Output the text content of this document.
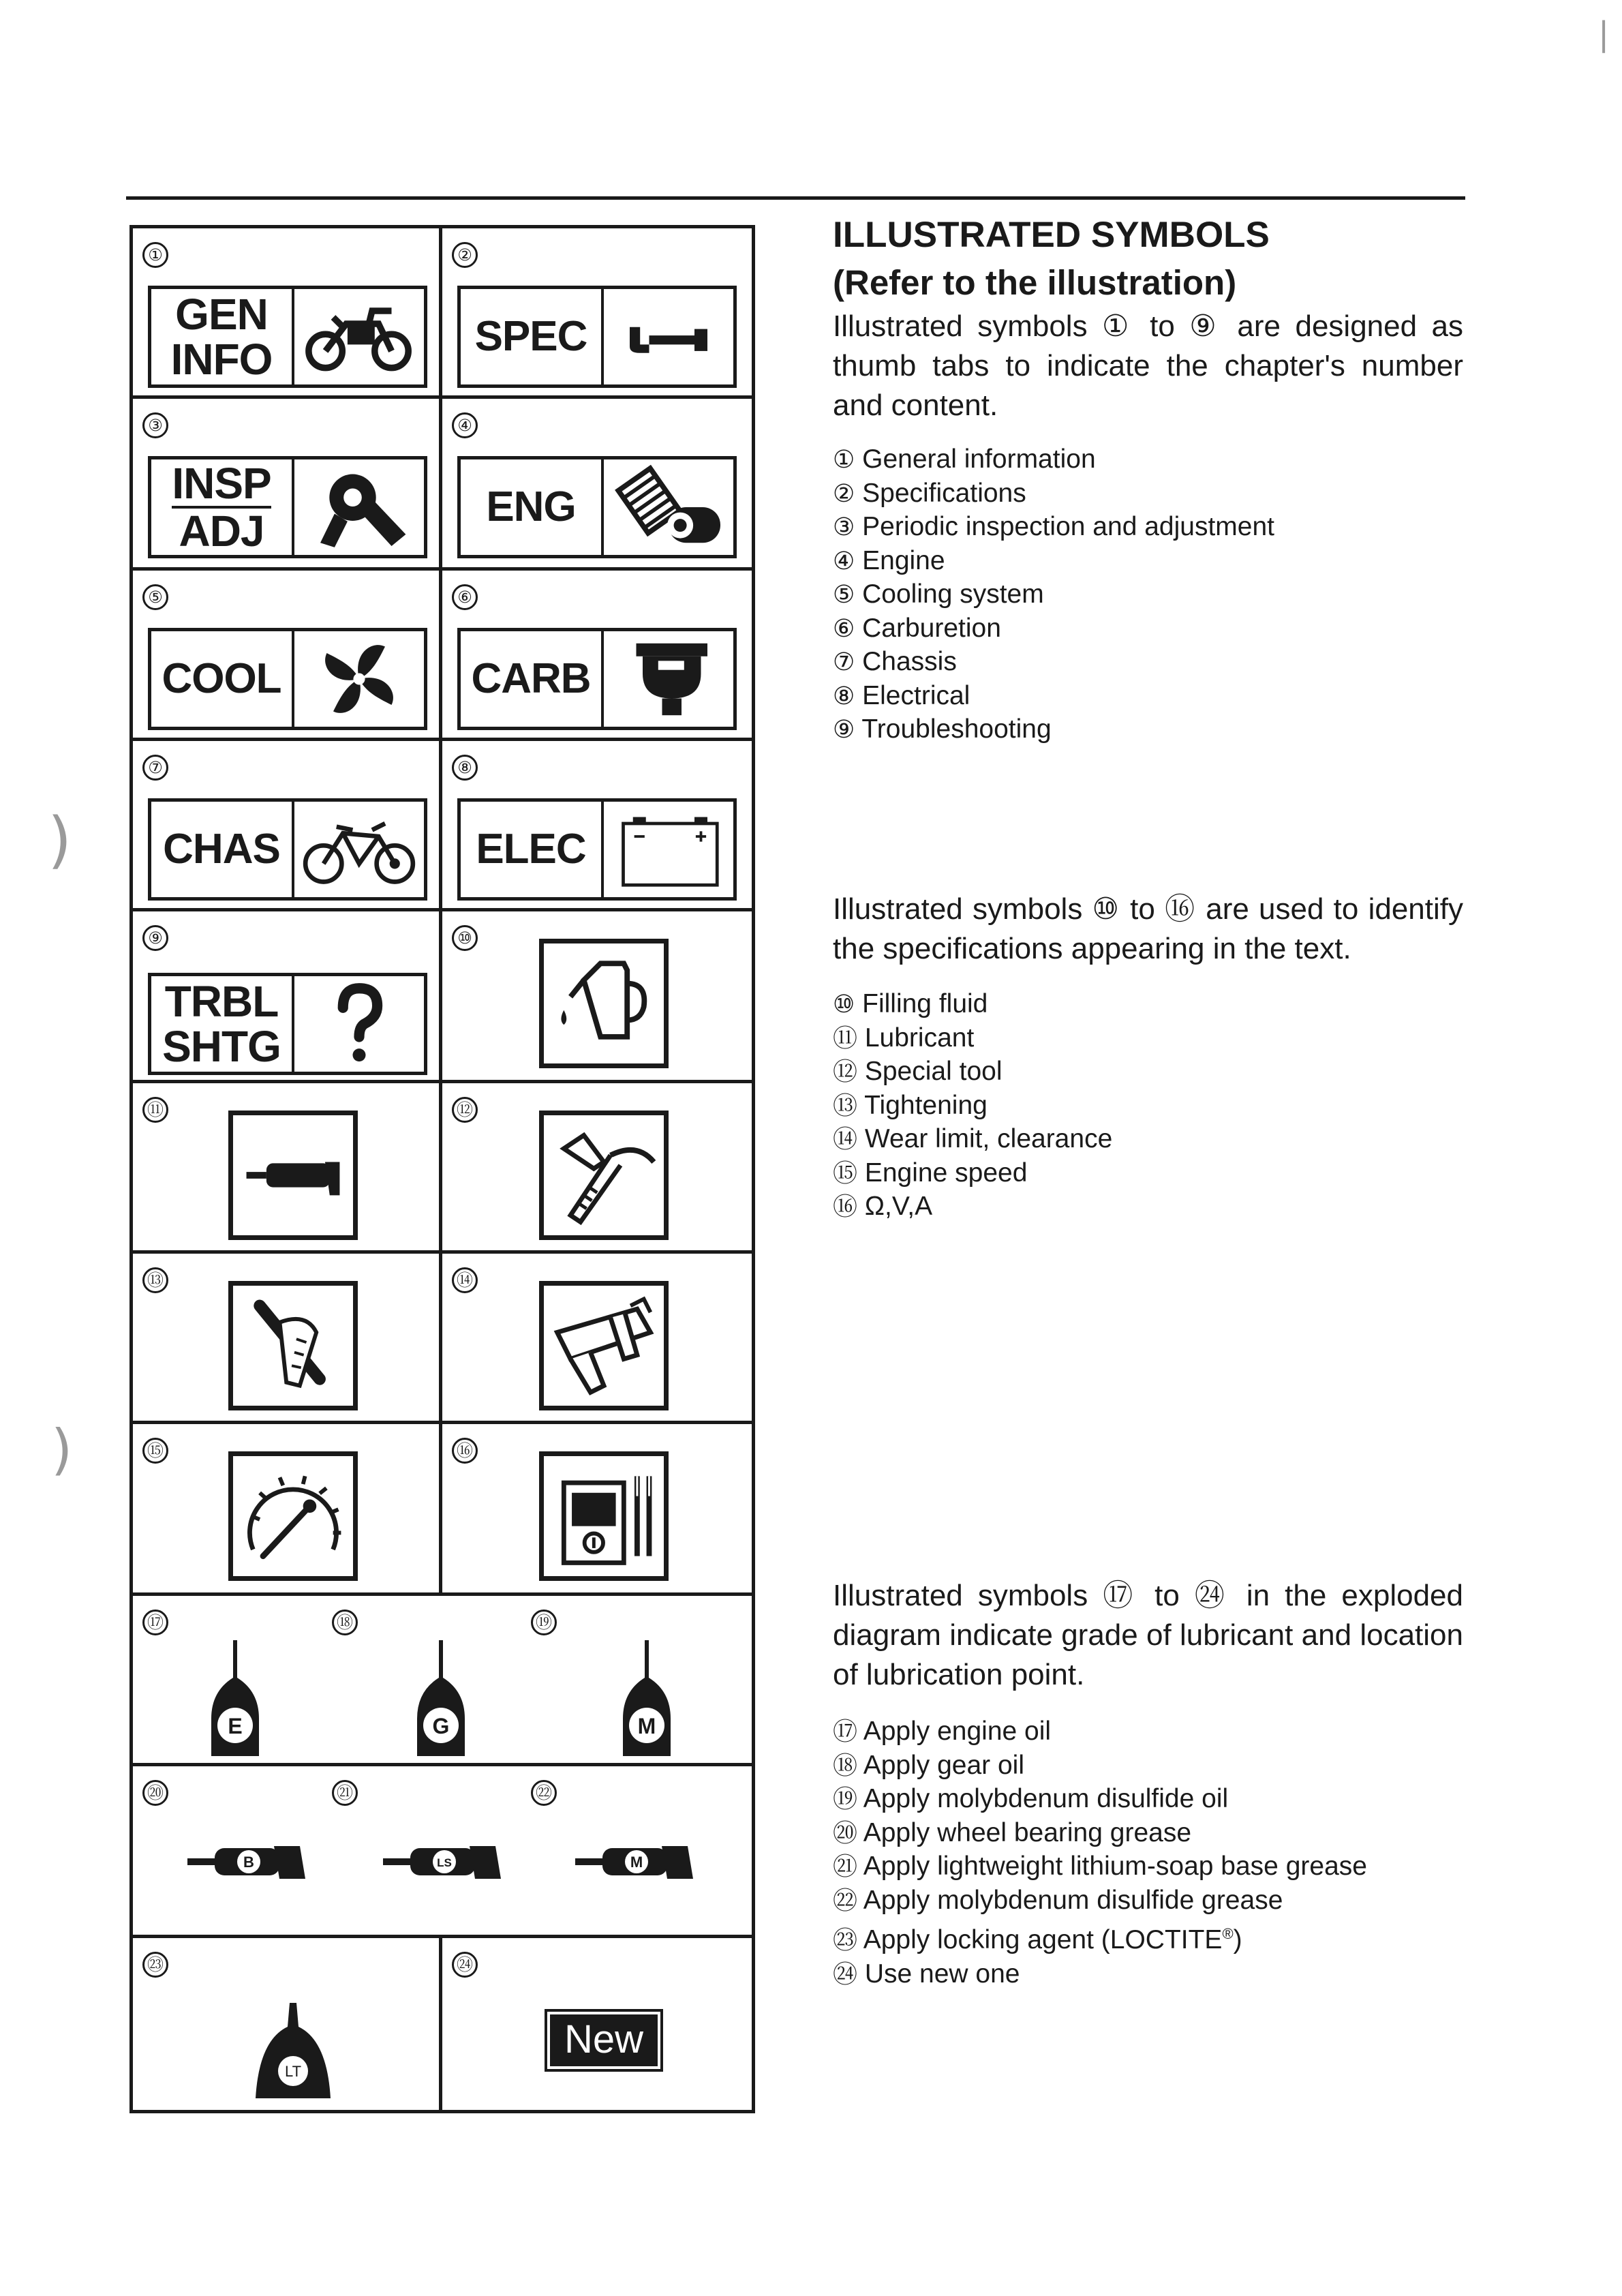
|
)
)
①
GEN
INFO
②
SPEC
③
INSP
ADJ
④
ENG
⑤
COOL
⑥
CARB
⑦
CHAS
⑧
ELEC
⑨
TRBL
SHTG
⑩
⑪	⑫
⑬	⑭
⑮	⑯
⑰
E
⑱
G
⑲
M
⑳
B
㉑
LS
㉒
M
㉓
LT
㉔
New
ILLUSTRATED SYMBOLS
(Refer to the illustration)

Illustrated symbols ① to ⑨ are designed as thumb tabs to indicate the chapter's number and content.

① General information
② Specifications
③ Periodic inspection and adjustment
④ Engine
⑤ Cooling system
⑥ Carburetion
⑦ Chassis
⑧ Electrical
⑨ Troubleshooting

Illustrated symbols ⑩ to ⑯ are used to identify the specifications appearing in the text.

⑩ Filling fluid
⑪ Lubricant
⑫ Special tool
⑬ Tightening
⑭ Wear limit, clearance
⑮ Engine speed
⑯ Ω,V,A

Illustrated symbols ⑰ to ㉔ in the exploded diagram indicate grade of lubricant and location of lubrication point.

⑰ Apply engine oil
⑱ Apply gear oil
⑲ Apply molybdenum disulfide oil
⑳ Apply wheel bearing grease
㉑ Apply lightweight lithium-soap base grease
㉒ Apply molybdenum disulfide grease
㉓ Apply locking agent (LOCTITE®)
㉔ Use new one
